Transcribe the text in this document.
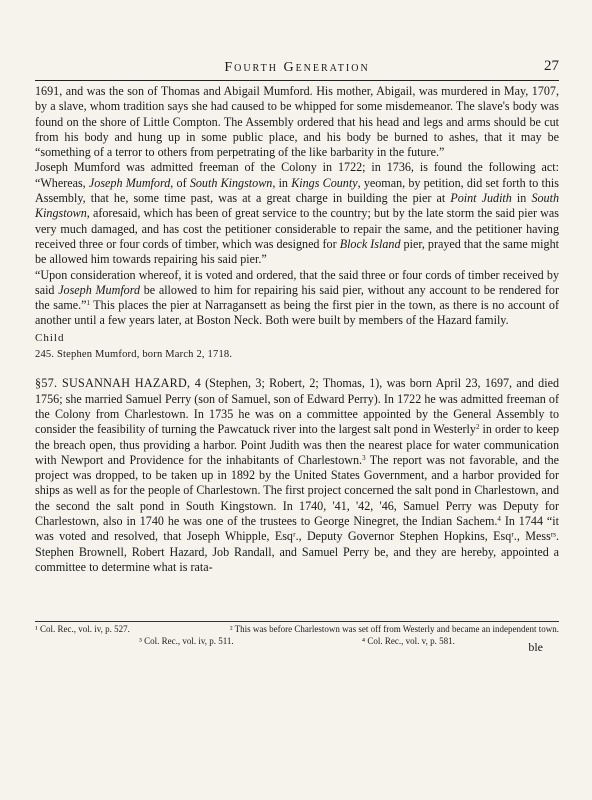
Fourth Generation	27

1691, and was the son of Thomas and Abigail Mumford. His mother, Abigail, was murdered in May, 1707, by a slave, whom tradition says she had caused to be whipped for some misdemeanor. The slave's body was found on the shore of Little Compton. The Assembly ordered that his head and legs and arms should be cut from his body and hung up in some public place, and his body be burned to ashes, that it may be “something of a terror to others from perpetrating of the like barbarity in the future.”

Joseph Mumford was admitted freeman of the Colony in 1722; in 1736, is found the following act: “Whereas, Joseph Mumford, of South Kingstown, in Kings County, yeoman, by petition, did set forth to this Assembly, that he, some time past, was at a great charge in building the pier at Point Judith in South Kingstown, aforesaid, which has been of great service to the country; but by the late storm the said pier was very much damaged, and has cost the petitioner considerable to repair the same, and the petitioner having received three or four cords of timber, which was designed for Block Island pier, prayed that the same might be allowed him towards repairing his said pier.”

“Upon consideration whereof, it is voted and ordered, that the said three or four cords of timber received by said Joseph Mumford be allowed to him for repairing his said pier, without any account to be rendered for the same.”$^1$ This places the pier at Narragansett as being the first pier in the town, as there is no account of another until a few years later, at Boston Neck. Both were built by members of the Hazard family.

Child
245. Stephen Mumford, born March 2, 1718.

§57. SUSANNAH HAZARD, 4 (Stephen, 3; Robert, 2; Thomas, 1), was born April 23, 1697, and died 1756; she married Samuel Perry (son of Samuel, son of Edward Perry). In 1722 he was admitted freeman of the Colony from Charlestown. In 1735 he was on a committee appointed by the General Assembly to consider the feasibility of turning the Pawcatuck river into the largest salt pond in Westerly$^2$ in order to keep the breach open, thus providing a harbor. Point Judith was then the nearest place for water communication with Newport and Providence for the inhabitants of Charlestown.$^3$ The report was not favorable, and the project was dropped, to be taken up in 1892 by the United States Government, and a harbor provided for ships as well as for the people of Charlestown. The first project concerned the salt pond in Charlestown, and the second the salt pond in South Kingstown. In 1740, '41, '42, '46, Samuel Perry was Deputy for Charlestown, also in 1740 he was one of the trustees to George Ninegret, the Indian Sachem.$^4$ In 1744 “it was voted and resolved, that Joseph Whipple, Esqʳ., Deputy Governor Stephen Hopkins, Esqʳ., Messʳˢ. Stephen Brownell, Robert Hazard, Job Randall, and Samuel Perry be, and they are hereby, appointed a committee to determine what is rata-

¹ Col. Rec., vol. iv, p. 527.	² This was before Charlestown was set off from Westerly and became an independent town.
³ Col. Rec., vol. iv, p. 511.	⁴ Col. Rec., vol. v, p. 581.	ble
